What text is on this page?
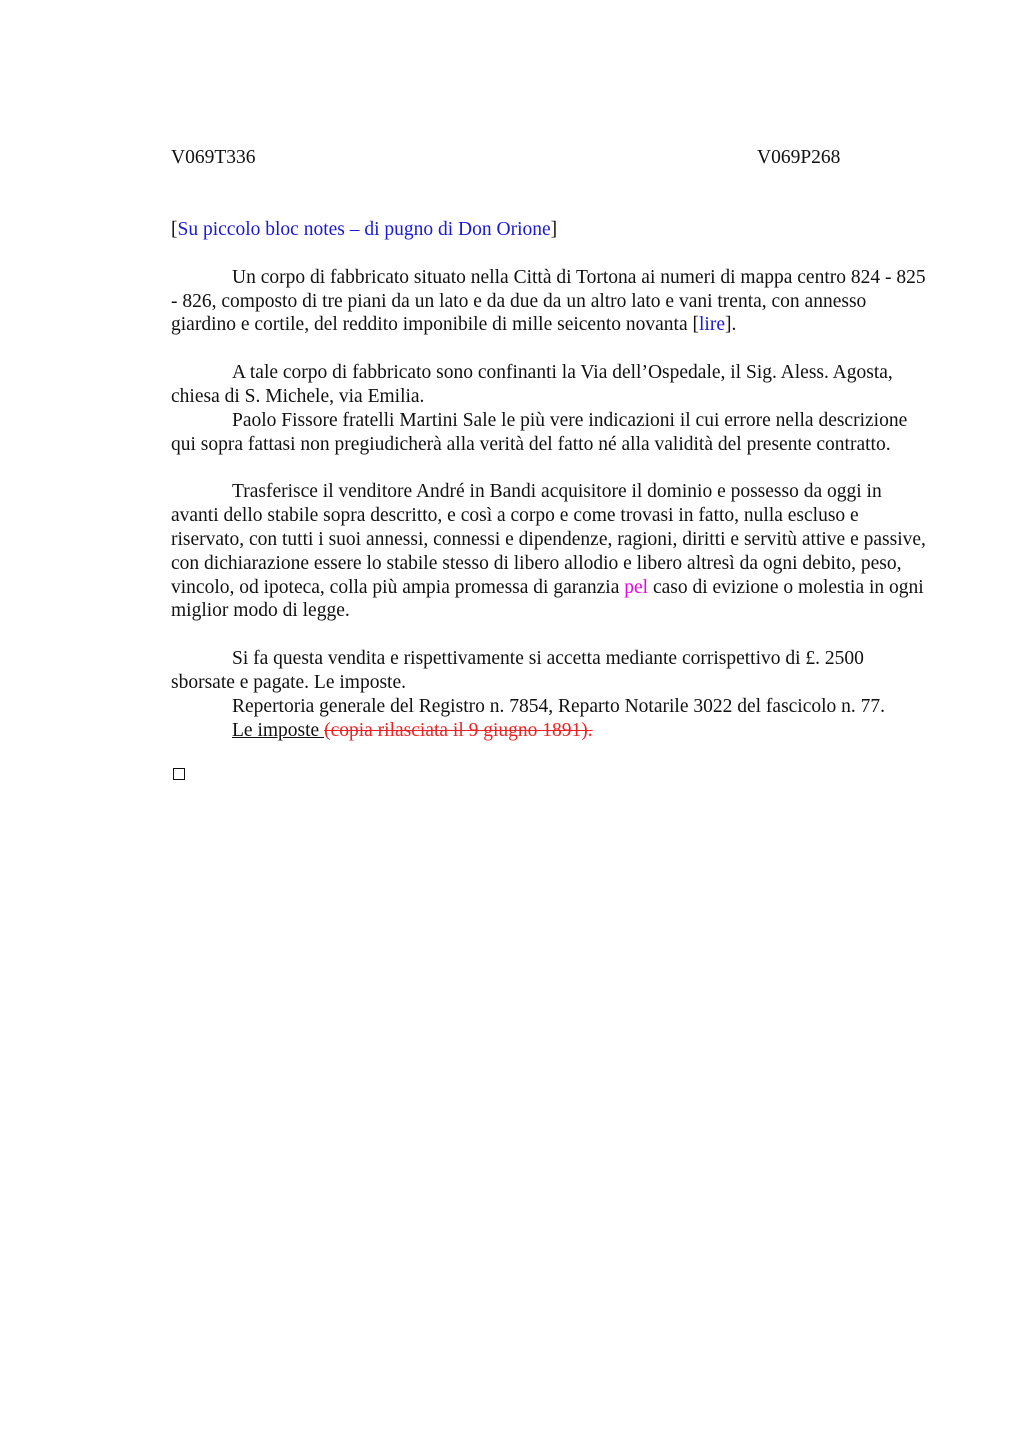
V069T336	V069P268

[Su piccolo bloc notes – di pugno di Don Orione]

Un corpo di fabbricato situato nella Città di Tortona ai numeri di mappa centro 824 - 825 - 826, composto di tre piani da un lato e da due da un altro lato e vani trenta, con annesso giardino e cortile, del reddito imponibile di mille seicento novanta [lire].

A tale corpo di fabbricato sono confinanti la Via dell’Ospedale, il Sig. Aless. Agosta, chiesa di S. Michele, via Emilia.

Paolo Fissore fratelli Martini Sale le più vere indicazioni il cui errore nella descrizione qui sopra fattasi non pregiudicherà alla verità del fatto né alla validità del presente contratto.

Trasferisce il venditore André in Bandi acquisitore il dominio e possesso da oggi in avanti dello stabile sopra descritto, e così a corpo e come trovasi in fatto, nulla escluso e riservato, con tutti i suoi annessi, connessi e dipendenze, ragioni, diritti e servitù attive e passive, con dichiarazione essere lo stabile stesso di libero allodio e libero altresì da ogni debito, peso, vincolo, od ipoteca, colla più ampia promessa di garanzia pel caso di evizione o molestia in ogni miglior modo di legge.

Si fa questa vendita e rispettivamente si accetta mediante corrispettivo di £. 2500 sborsate e pagate. Le imposte.

Repertoria generale del Registro n. 7854, Reparto Notarile 3022 del fascicolo n. 77.

Le imposte (copia rilasciata il 9 giugno 1891).
